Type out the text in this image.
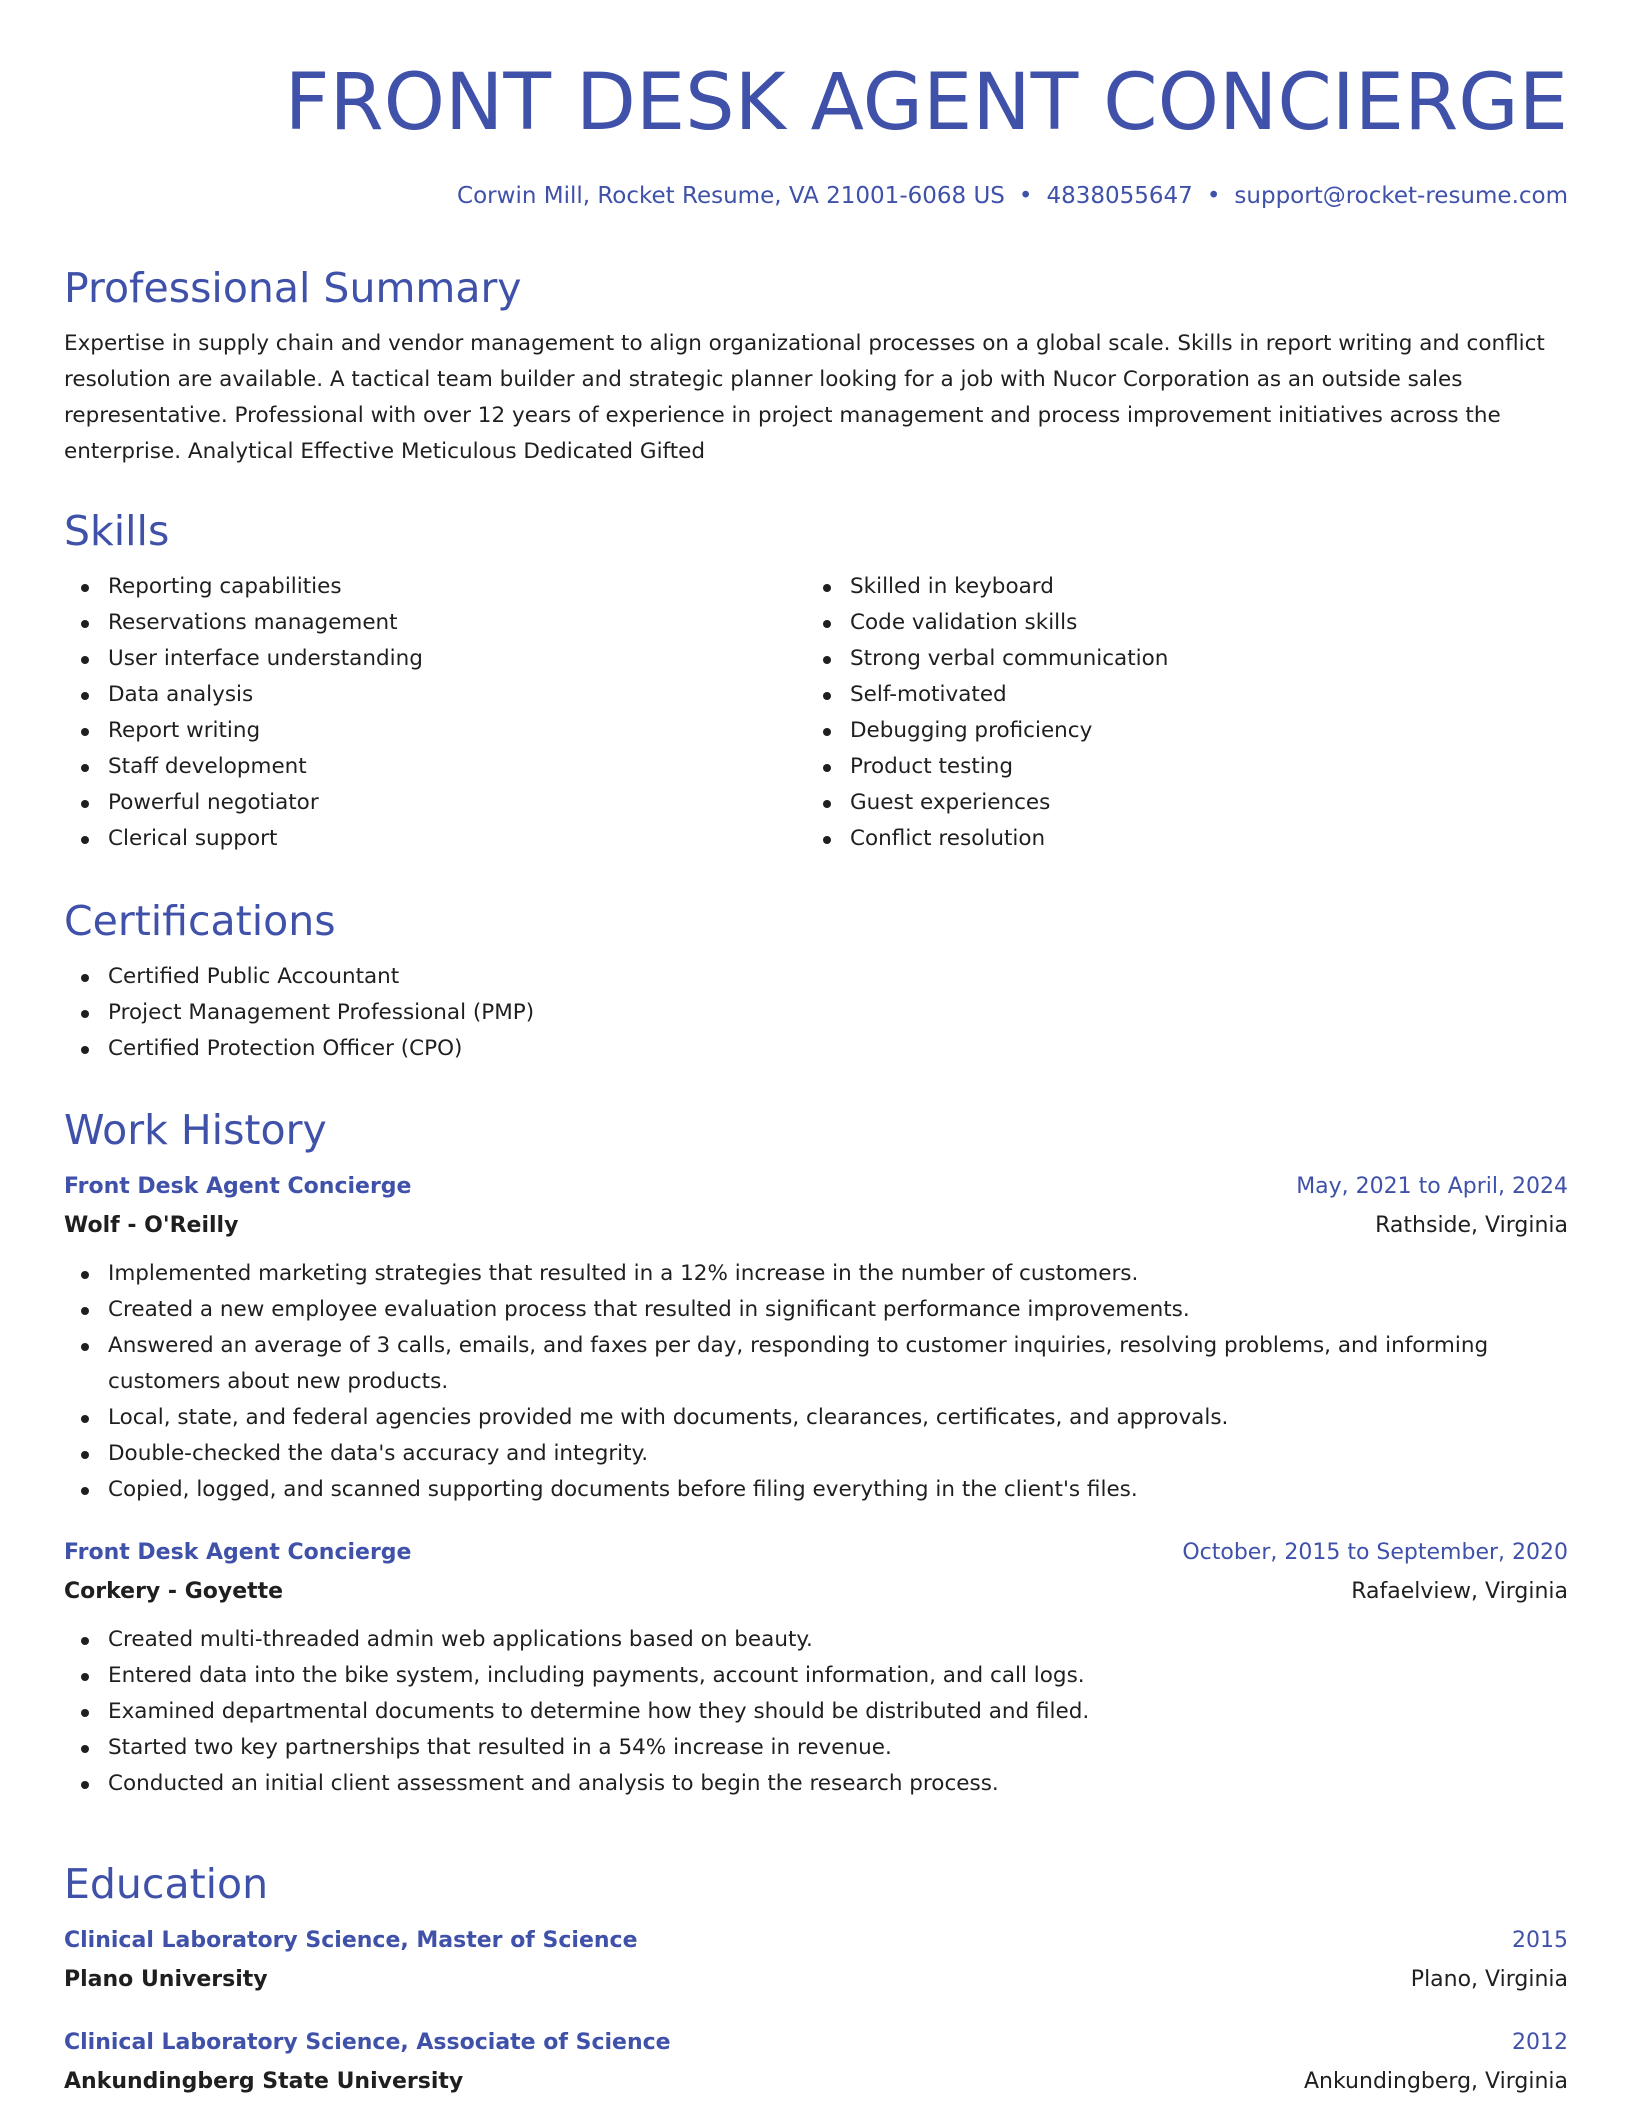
FRONT DESK AGENT CONCIERGE
Corwin Mill, Rocket Resume, VA 21001-6068 US • 4838055647 • support@rocket-resume.com
Professional Summary

Expertise in supply chain and vendor management to align organizational processes on a global scale. Skills in report writing and conflict resolution are available. A tactical team builder and strategic planner looking for a job with Nucor Corporation as an outside sales representative. Professional with over 12 years of experience in project management and process improvement initiatives across the enterprise. Analytical Effective Meticulous Dedicated Gifted

Skills
Reporting capabilities
Reservations management
User interface understanding
Data analysis
Report writing
Staff development
Powerful negotiator
Clerical support
Skilled in keyboard
Code validation skills
Strong verbal communication
Self-motivated
Debugging proficiency
Product testing
Guest experiences
Conflict resolution
Certifications
Certified Public Accountant
Project Management Professional (PMP)
Certified Protection Officer (CPO)
Work History
Front Desk Agent Concierge	May, 2021 to April, 2024
Wolf - O'Reilly	Rathside, Virginia
Implemented marketing strategies that resulted in a 12% increase in the number of customers.
Created a new employee evaluation process that resulted in significant performance improvements.
Answered an average of 3 calls, emails, and faxes per day, responding to customer inquiries, resolving problems, and informing customers about new products.
Local, state, and federal agencies provided me with documents, clearances, certificates, and approvals.
Double-checked the data's accuracy and integrity.
Copied, logged, and scanned supporting documents before filing everything in the client's files.
Front Desk Agent Concierge	October, 2015 to September, 2020
Corkery - Goyette	Rafaelview, Virginia
Created multi-threaded admin web applications based on beauty.
Entered data into the bike system, including payments, account information, and call logs.
Examined departmental documents to determine how they should be distributed and filed.
Started two key partnerships that resulted in a 54% increase in revenue.
Conducted an initial client assessment and analysis to begin the research process.
Education
Clinical Laboratory Science, Master of Science	2015
Plano University	Plano, Virginia
Clinical Laboratory Science, Associate of Science	2012
Ankundingberg State University	Ankundingberg, Virginia
